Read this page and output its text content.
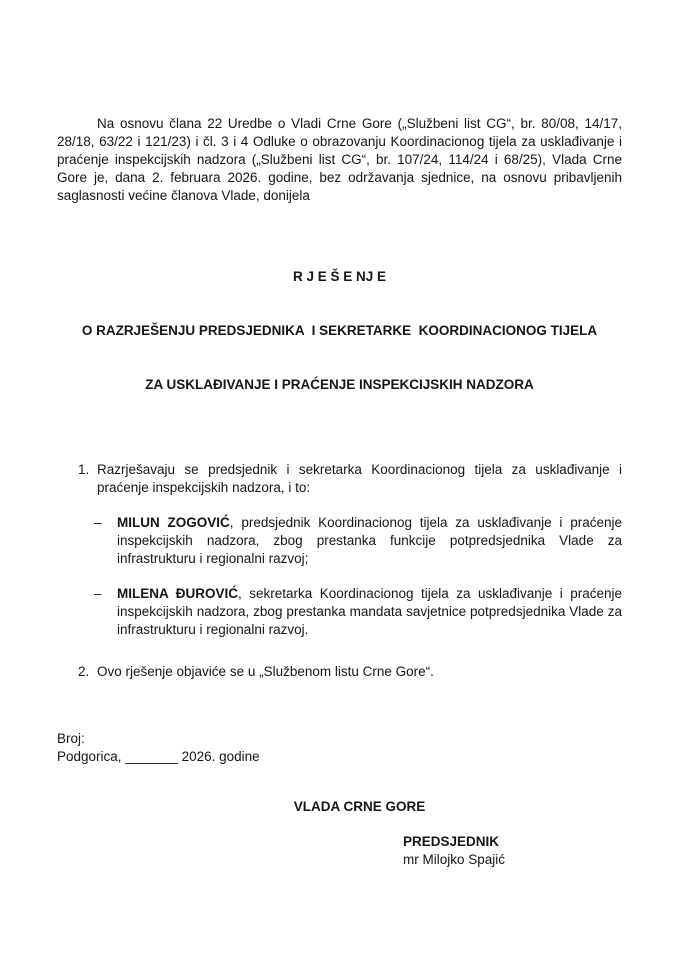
Na osnovu člana 22 Uredbe o Vladi Crne Gore („Službeni list CG“, br. 80/08, 14/17, 28/18, 63/22 i 121/23) i čl. 3 i 4 Odluke o obrazovanju Koordinacionog tijela za usklađivanje i praćenje inspekcijskih nadzora („Službeni list CG“, br. 107/24, 114/24 i 68/25), Vlada Crne Gore je, dana 2. februara 2026. godine, bez održavanja sjednice, na osnovu pribavljenih saglasnosti većine članova Vlade, donijela

R J E Š E NJ E

O RAZRJEŠENJU PREDSJEDNIKA  I SEKRETARKE  KOORDINACIONOG TIJELA

ZA USKLAĐIVANJE I PRAĆENJE INSPEKCIJSKIH NADZORA

1. Razrješavaju se predsjednik i sekretarka Koordinacionog tijela za usklađivanje i praćenje inspekcijskih nadzora, i to:
–	MILUN ZOGOVIĆ, predsjednik Koordinacionog tijela za usklađivanje i praćenje inspekcijskih nadzora, zbog prestanka funkcije potpredsjednika Vlade za infrastrukturu i regionalni razvoj;
–	MILENA ĐUROVIĆ, sekretarka Koordinacionog tijela za usklađivanje i praćenje inspekcijskih nadzora, zbog prestanka mandata savjetnice potpredsjednika Vlade za infrastrukturu i regionalni razvoj.
2. Ovo rješenje objaviće se u „Službenom listu Crne Gore“.
Broj:
Podgorica, _______ 2026. godine
VLADA CRNE GORE
PREDSJEDNIK
mr Milojko Spajić
